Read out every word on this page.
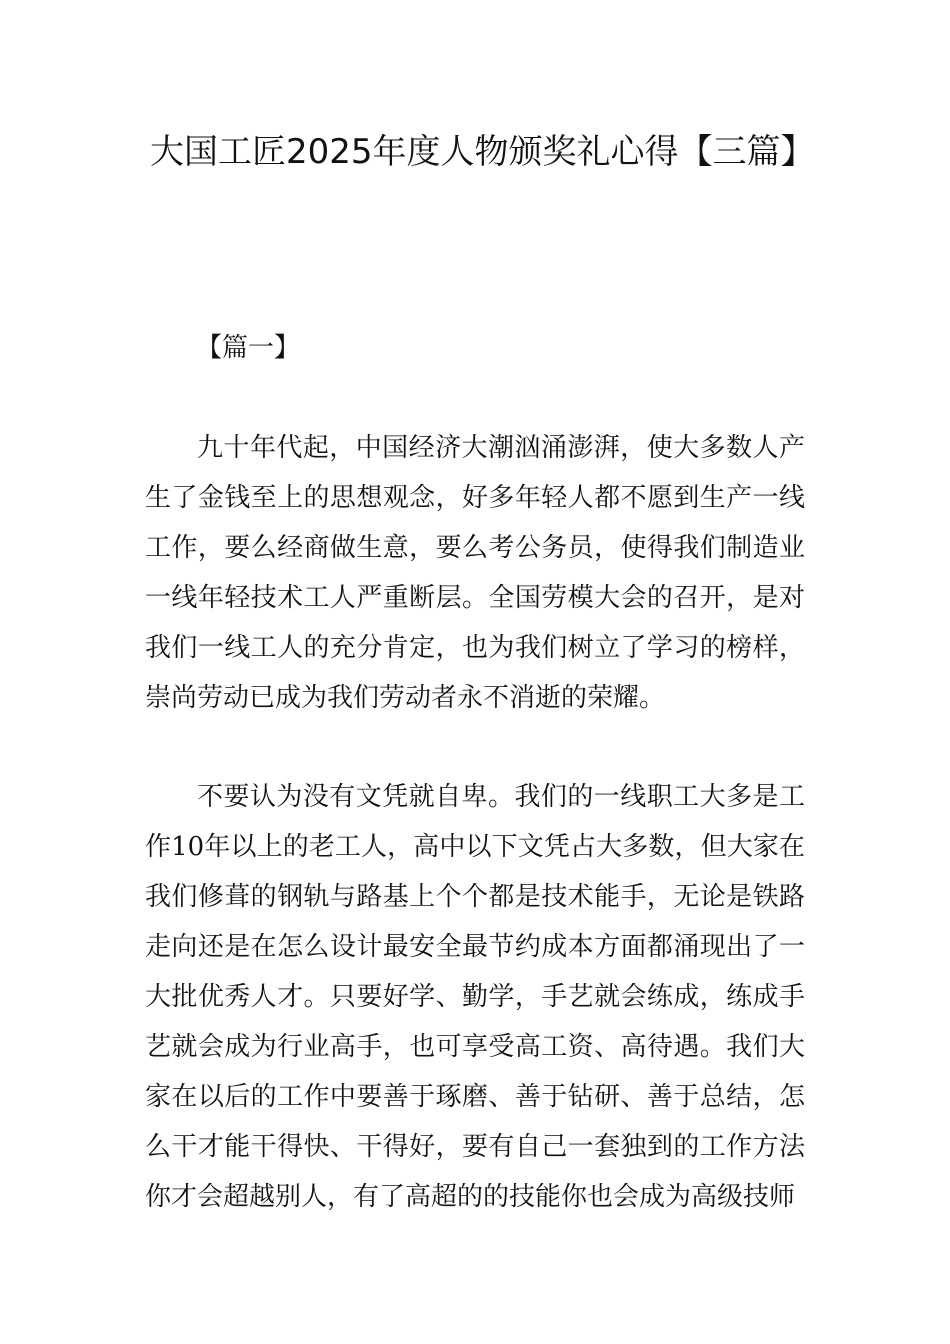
大国工匠2025年度人物颁奖礼心得【三篇】

【篇一】

九十年代起，中国经济大潮汹涌澎湃，使大多数人产生了金钱至上的思想观念，好多年轻人都不愿到生产一线工作，要么经商做生意，要么考公务员，使得我们制造业一线年轻技术工人严重断层。全国劳模大会的召开，是对我们一线工人的充分肯定，也为我们树立了学习的榜样，崇尚劳动已成为我们劳动者永不消逝的荣耀。

不要认为没有文凭就自卑。我们的一线职工大多是工作10年以上的老工人，高中以下文凭占大多数，但大家在我们修葺的钢轨与路基上个个都是技术能手，无论是铁路走向还是在怎么设计最安全最节约成本方面都涌现出了一大批优秀人才。只要好学、勤学，手艺就会练成，练成手艺就会成为行业高手，也可享受高工资、高待遇。我们大家在以后的工作中要善于琢磨、善于钻研、善于总结，怎么干才能干得快、干得好，要有自己一套独到的工作方法你才会超越别人，有了高超的的技能你也会成为高级技师
